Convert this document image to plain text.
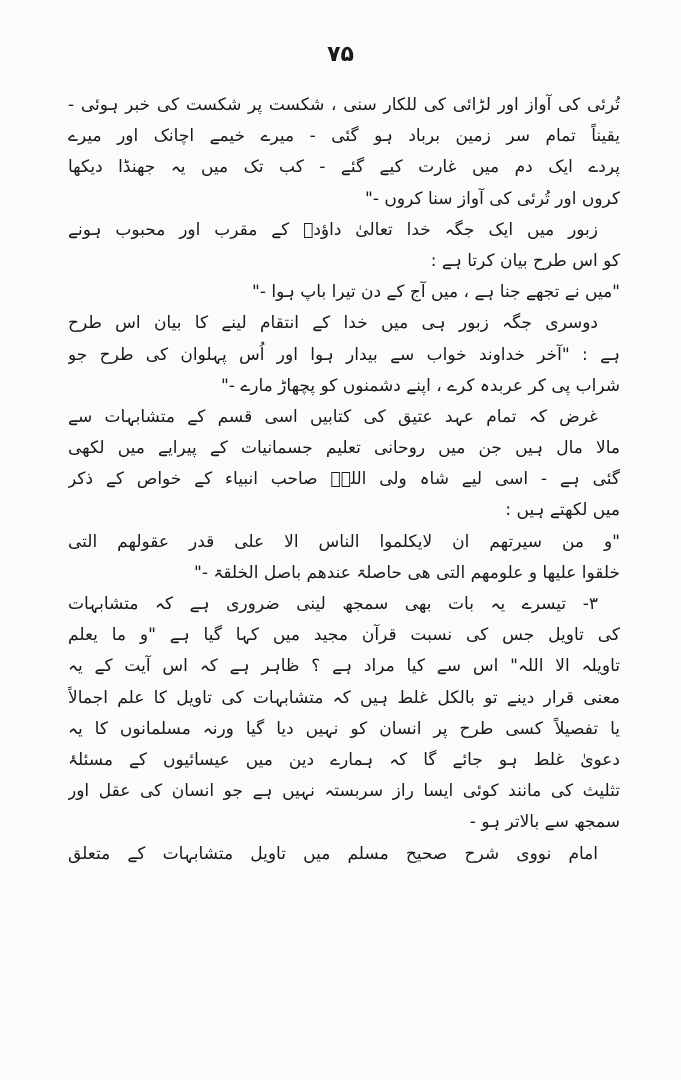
۷۵
تُرئی کی آواز اور لڑائی کی للکار سنی ، شکست پر شکست کی خبر ہوئی -
یقیناً تمام سر زمین برباد ہو گئی - میرے خیمے اچانک اور میرے
پردے ایک دم میں غارت کیے گئے - کب تک میں یہ جھنڈا دیکھا
کروں اور تُرئی کی آواز سنا کروں -"
زبور میں ایک جگہ خدا تعالیٰ داؤدؑ کے مقرب اور محبوب ہونے
کو اس طرح بیان کرتا ہے :
"میں نے تجھے جنا ہے ، میں آج کے دن تیرا باپ ہوا -"
دوسری جگہ زبور ہی میں خدا کے انتقام لینے کا بیان اس طرح
ہے : "آخر خداوند خواب سے بیدار ہوا اور اُس پہلوان کی طرح جو
شراب پی کر عربدہ کرے ، اپنے دشمنوں کو پچھاڑ مارے -"
غرض کہ تمام عہد عتیق کی کتابیں اسی قسم کے متشابہات سے
مالا مال ہیں جن میں روحانی تعلیم جسمانیات کے پیرایے میں لکھی
گئی ہے - اسی لیے شاہ ولی اللہؒ صاحب انبیاء کے خواص کے ذکر
میں لکھتے ہیں :
"و من سیرتھم ان لایکلموا الناس الا علی قدر عقولھم التی
خلقوا علیھا و علومھم التی ھی حاصلۃ عندھم باصل الخلقۃ -"
۳- تیسرے یہ بات بھی سمجھ لینی ضروری ہے کہ متشابہات
کی تاویل جس کی نسبت قرآن مجید میں کہا گیا ہے "و ما یعلم
تاویلہ الا اللہ" اس سے کیا مراد ہے ؟ ظاہر ہے کہ اس آیت کے یہ
معنی قرار دینے تو بالکل غلط ہیں کہ متشابہات کی تاویل کا علم اجمالاً
یا تفصیلاً کسی طرح پر انسان کو نہیں دیا گیا ورنہ مسلمانوں کا یہ
دعویٰ غلط ہو جائے گا کہ ہمارے دین میں عیسائیوں کے مسئلۂ
تثلیث کی مانند کوئی ایسا راز سربستہ نہیں ہے جو انسان کی عقل اور
سمجھ سے بالاتر ہو -
امام نووی شرح صحیح مسلم میں تاویل متشابہات کے متعلق
